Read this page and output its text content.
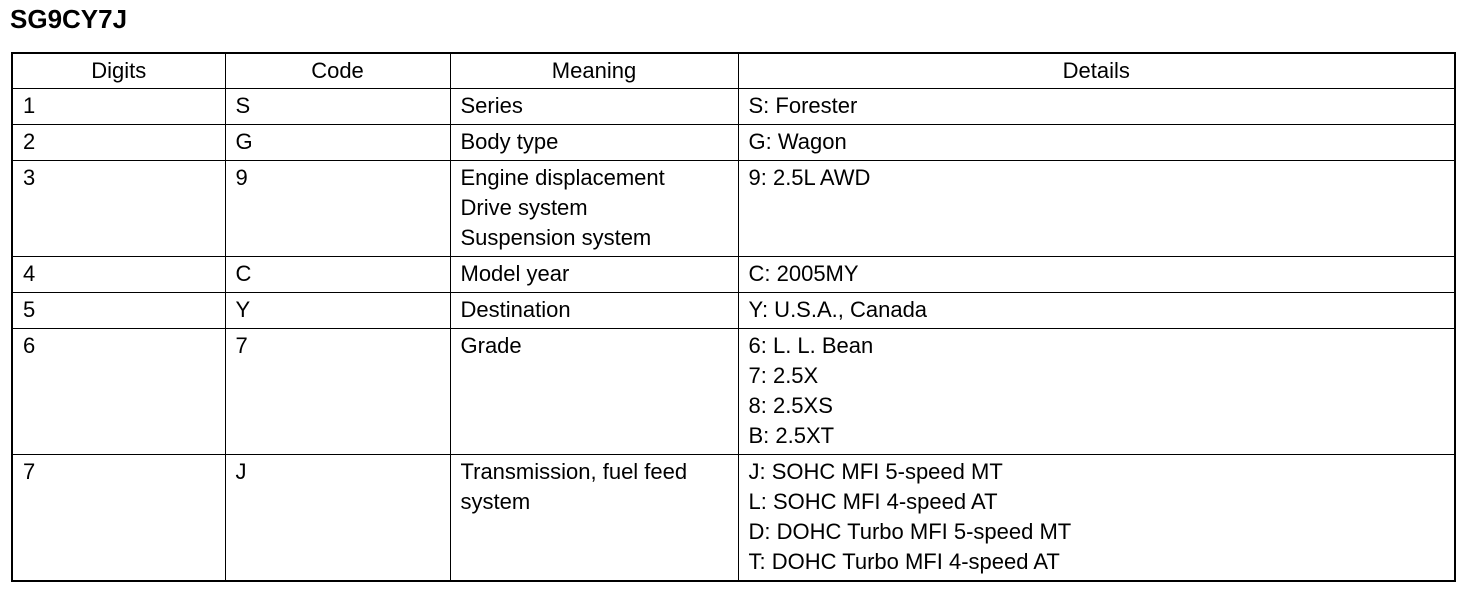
SG9CY7J
Digits	Code	Meaning	Details
1	S	Series	S: Forester

2	G	Body type	G: Wagon

3	9	Engine displacement
Drive system
Suspension system	9: 2.5L AWD

4	C	Model year	C: 2005MY

5	Y	Destination	Y: U.S.A., Canada

6	7	Grade	6: L. L. Bean
7: 2.5X
8: 2.5XS
B: 2.5XT

7	J	Transmission, fuel feed
system	J: SOHC MFI 5-speed MT
L: SOHC MFI 4-speed AT
D: DOHC Turbo MFI 5-speed MT
T: DOHC Turbo MFI 4-speed AT
